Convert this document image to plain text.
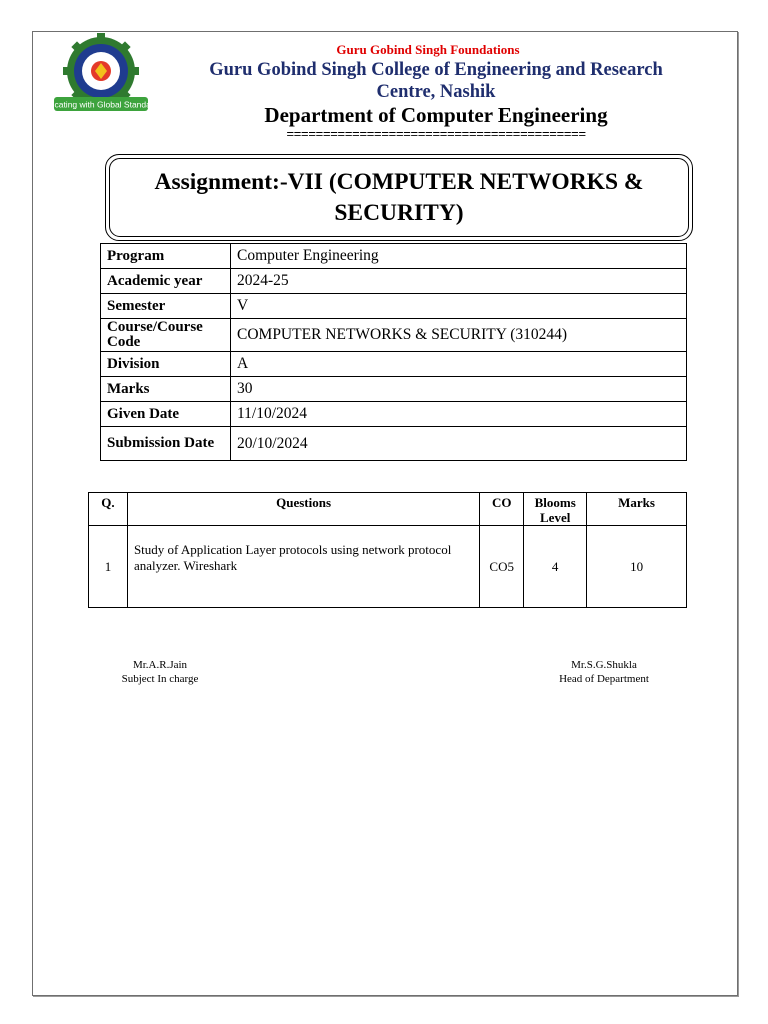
Educating with Global Standards
Guru Gobind Singh Foundations
Guru Gobind Singh College of Engineering and Research
Centre, Nashik
Department of Computer Engineering
=========================================
Assignment:-VII (COMPUTER NETWORKS &
SECURITY)
Program	Computer Engineering
Academic year	2024-25
Semester	V
Course/Course Code	COMPUTER NETWORKS & SECURITY (310244)
Division	A
Marks	30
Given Date	11/10/2024
Submission Date	20/10/2024
Q.	Questions	CO	Blooms Level	Marks
1	Study of Application Layer protocols using network protocol analyzer. Wireshark	CO5	4	10
Mr.A.R.Jain
Subject In charge
Mr.S.G.Shukla
Head of Department
